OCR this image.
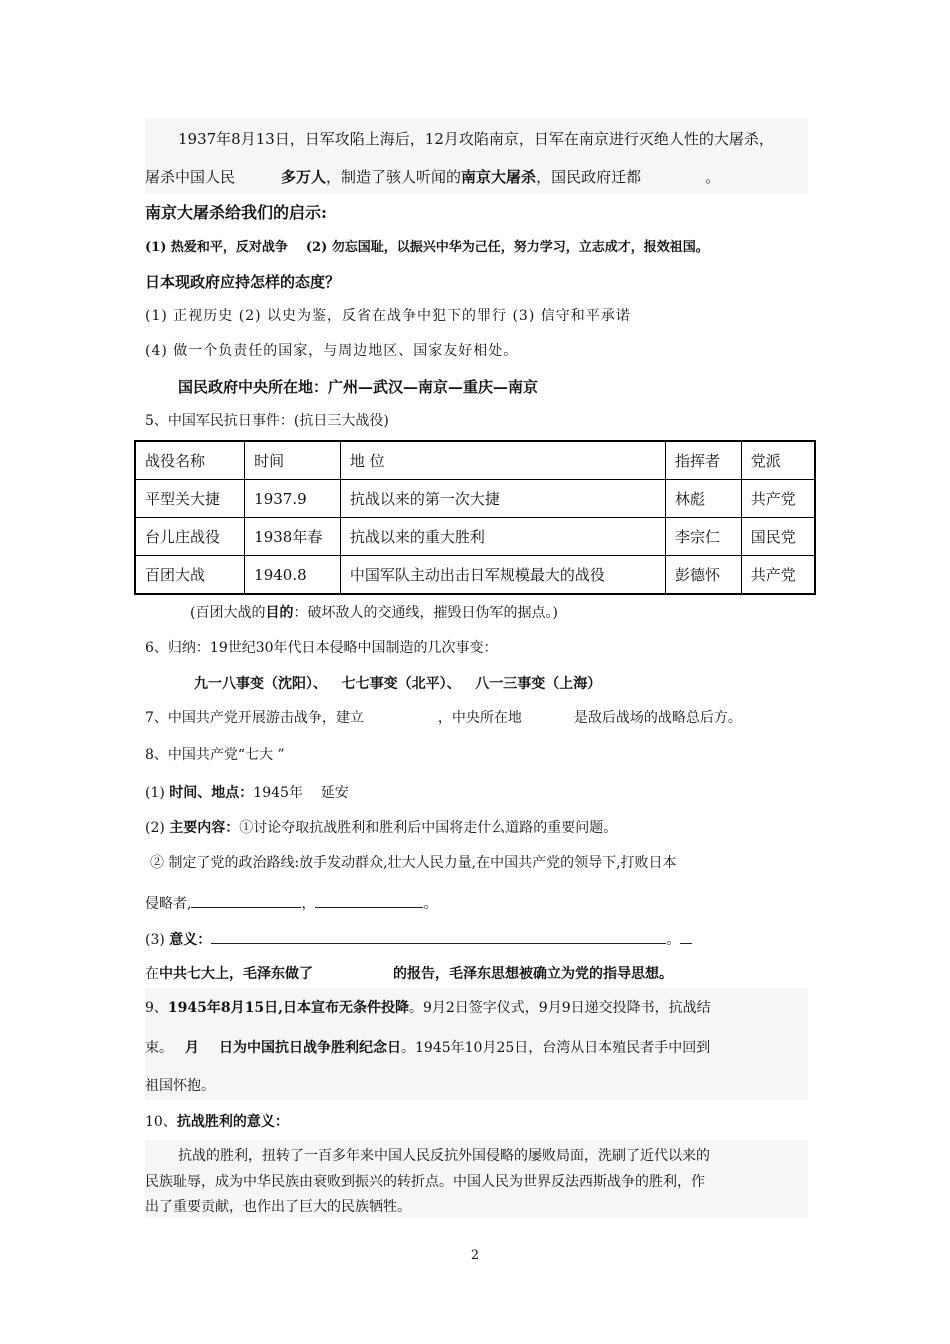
1937年8月13日，日军攻陷上海后，12月攻陷南京，日军在南京进行灭绝人性的大屠杀，
屠杀中国人民	多万人，制造了骇人听闻的南京大屠杀，国民政府迁都	。
南京大屠杀给我们的启示:
(1) 热爱和平，反对战争 (2) 勿忘国耻，以振兴中华为己任，努力学习，立志成才，报效祖国。
日本现政府应持怎样的态度？
(1) 正视历史 (2) 以史为鉴，反省在战争中犯下的罪行 (3) 信守和平承诺
(4) 做一个负责任的国家，与周边地区、国家友好相处。
国民政府中央所在地：广州—武汉—南京—重庆—南京
5、中国军民抗日事件：(抗日三大战役)
战役名称	时间	地 位	指挥者	党派
平型关大捷	1937.9	抗战以来的第一次大捷	林彪	共产党
台儿庄战役	1938年春	抗战以来的重大胜利	李宗仁	国民党
百团大战	1940.8	中国军队主动出击日军规模最大的战役	彭德怀	共产党
(百团大战的目的：破坏敌人的交通线，摧毁日伪军的据点。)
6、归纳：19世纪30年代日本侵略中国制造的几次事变：
九一八事变（沈阳）、   七七事变（北平）、   八一三事变（上海）
7、中国共产党开展游击战争，建立	，中央所在地	是敌后战场的战略总后方。
8、中国共产党“七大 ”
(1) 时间、地点：1945年    延安
(2) 主要内容：①讨论夺取抗战胜利和胜利后中国将走什么道路的重要问题。
② 制定了党的政治路线:放手发动群众,壮大人民力量,在中国共产党的领导下,打败日本
侵略者,	，	。
(3) 意义：	。
在中共七大上，毛泽东做了	的报告，毛泽东思想被确立为党的指导思想。
9、1945年8月15日,日本宣布无条件投降。9月2日签字仪式，9月9日递交投降书，抗战结
束。 月 日为中国抗日战争胜利纪念日。1945年10月25日，台湾从日本殖民者手中回到
祖国怀抱。
10、抗战胜利的意义：
抗战的胜利，扭转了一百多年来中国人民反抗外国侵略的屡败局面，洗刷了近代以来的
民族耻辱，成为中华民族由衰败到振兴的转折点。中国人民为世界反法西斯战争的胜利，作
出了重要贡献，也作出了巨大的民族牺牲。
2
